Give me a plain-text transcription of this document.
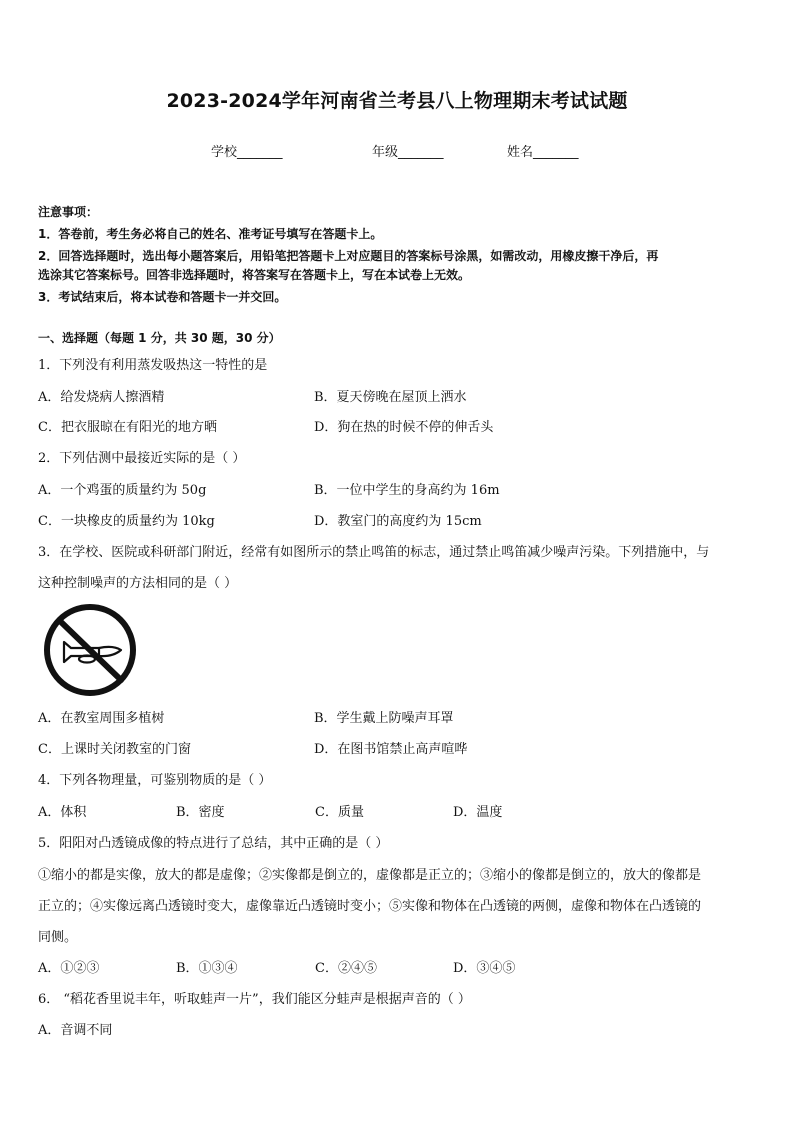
2023-2024学年河南省兰考县八上物理期末考试试题
学校_______	年级_______	姓名_______
注意事项：
1．答卷前，考生务必将自己的姓名、准考证号填写在答题卡上。
2．回答选择题时，选出每小题答案后，用铅笔把答题卡上对应题目的答案标号涂黑，如需改动，用橡皮擦干净后，再
选涂其它答案标号。回答非选择题时，将答案写在答题卡上，写在本试卷上无效。
3．考试结束后，将本试卷和答题卡一并交回。
一、选择题（每题 1 分，共 30 题，30 分）
1．下列没有利用蒸发吸热这一特性的是
A．给发烧病人擦酒精	B．夏天傍晚在屋顶上洒水
C．把衣服晾在有阳光的地方晒	D．狗在热的时候不停的伸舌头
2．下列估测中最接近实际的是（ ）
A．一个鸡蛋的质量约为 50g	B．一位中学生的身高约为 16m
C．一块橡皮的质量约为 10kg	D．教室门的高度约为 15cm
3．在学校、医院或科研部门附近，经常有如图所示的禁止鸣笛的标志，通过禁止鸣笛减少噪声污染。下列措施中，与
这种控制噪声的方法相同的是（ ）
A．在教室周围多植树	B．学生戴上防噪声耳罩
C．上课时关闭教室的门窗	D．在图书馆禁止高声喧哗
4．下列各物理量，可鉴别物质的是（ ）
A．体积	B．密度	C．质量	D．温度
5．阳阳对凸透镜成像的特点进行了总结，其中正确的是（ ）
①缩小的都是实像，放大的都是虚像；②实像都是倒立的，虚像都是正立的；③缩小的像都是倒立的，放大的像都是
正立的；④实像远离凸透镜时变大，虚像靠近凸透镜时变小；⑤实像和物体在凸透镜的两侧，虚像和物体在凸透镜的
同侧。
A．①②③	B．①③④	C．②④⑤	D．③④⑤
6． “稻花香里说丰年，听取蛙声一片”，我们能区分蛙声是根据声音的（ ）
A．音调不同
